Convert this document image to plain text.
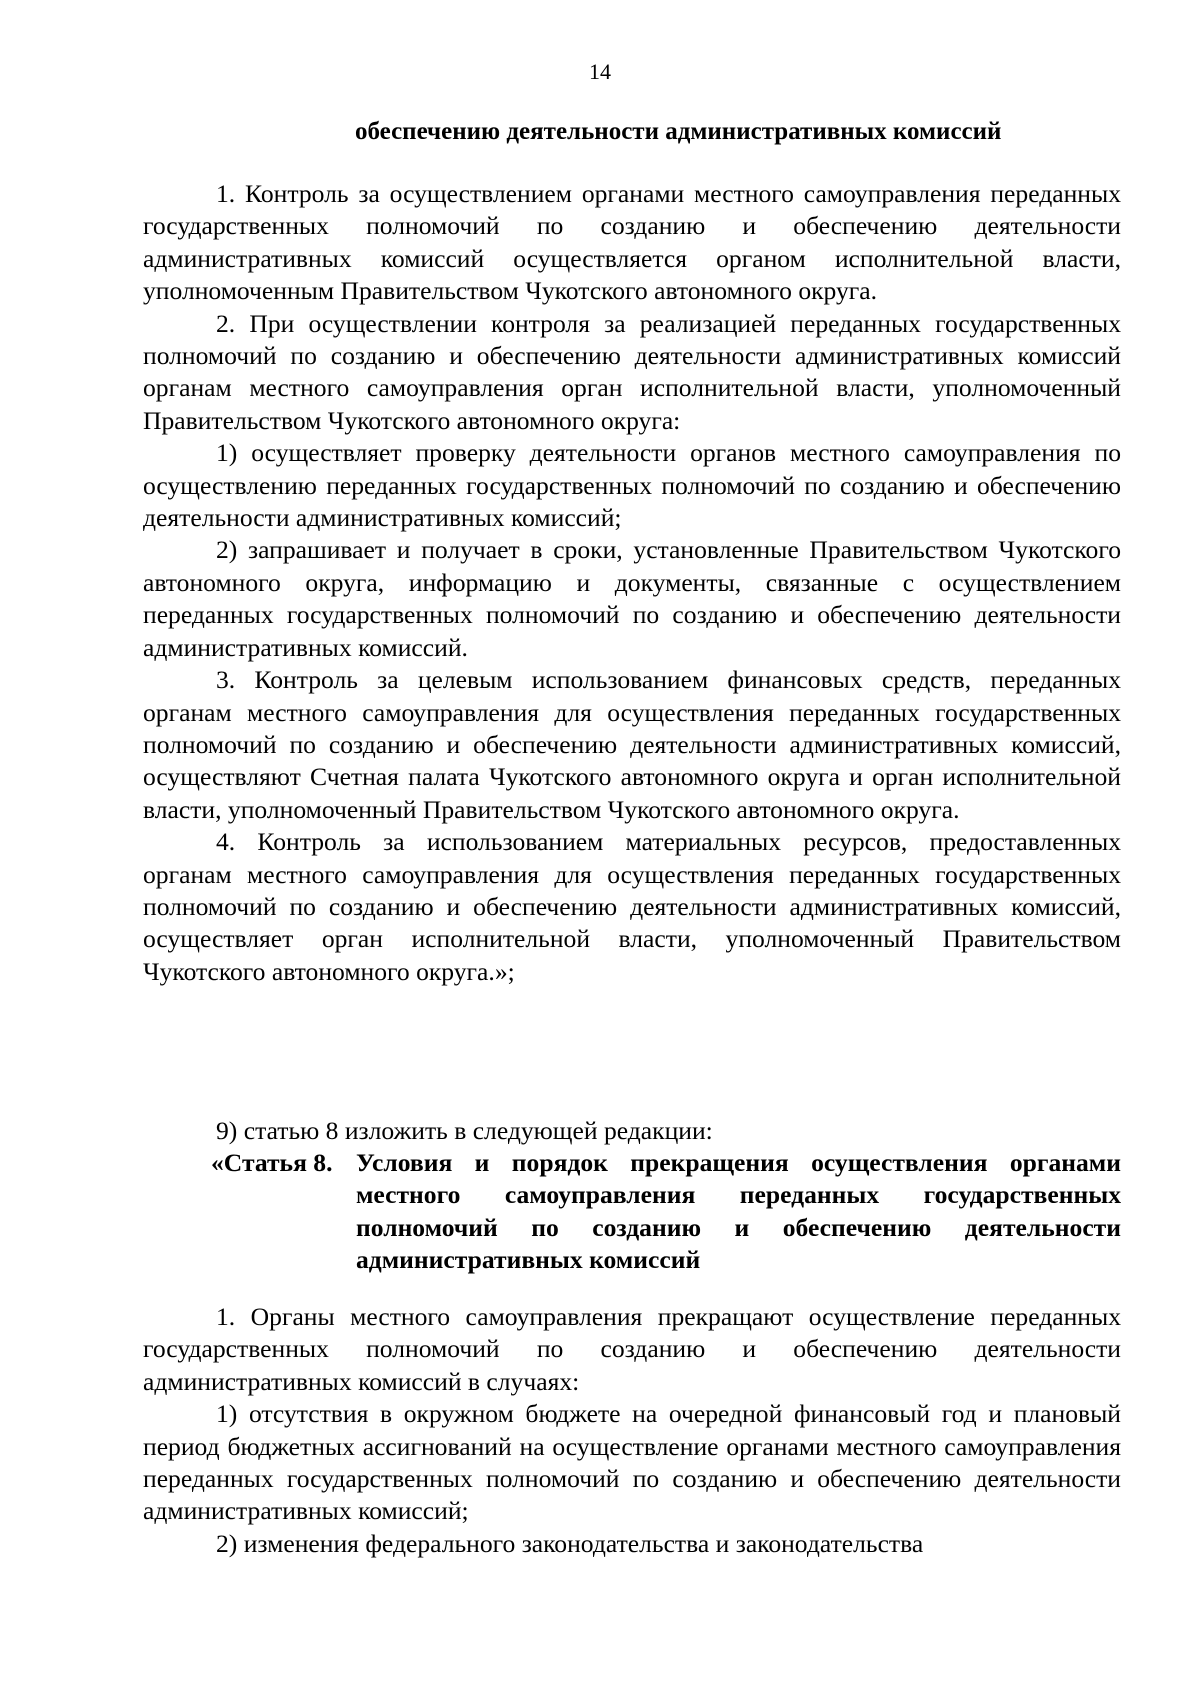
14
обеспечению деятельности административных комиссий

1. Контроль за осуществлением органами местного самоуправления переданных государственных полномочий по созданию и обеспечению деятельности административных комиссий осуществляется органом исполнительной власти, уполномоченным Правительством Чукотского автономного округа.

2. При осуществлении контроля за реализацией переданных государственных полномочий по созданию и обеспечению деятельности административных комиссий органам местного самоуправления орган исполнительной власти, уполномоченный Правительством Чукотского автономного округа:

1) осуществляет проверку деятельности органов местного самоуправления по осуществлению переданных государственных полномочий по созданию и обеспечению деятельности административных комиссий;

2) запрашивает и получает в сроки, установленные Правительством Чукотского автономного округа, информацию и документы, связанные с осуществлением переданных государственных полномочий по созданию и обеспечению деятельности административных комиссий.

3. Контроль за целевым использованием финансовых средств, переданных органам местного самоуправления для осуществления переданных государственных полномочий по созданию и обеспечению деятельности административных комиссий, осуществляют Счетная палата Чукотского автономного округа и орган исполнительной власти, уполномоченный Правительством Чукотского автономного округа.

4. Контроль за использованием материальных ресурсов, предоставленных органам местного самоуправления для осуществления переданных государственных полномочий по созданию и обеспечению деятельности административных комиссий, осуществляет орган исполнительной власти, уполномоченный Правительством Чукотского автономного округа.»;

9) статью 8 изложить в следующей редакции:

«Статья 8. Условия и порядок прекращения осуществления органами местного самоуправления переданных государственных полномочий по созданию и обеспечению деятельности административных комиссий

1. Органы местного самоуправления прекращают осуществление переданных государственных полномочий по созданию и обеспечению деятельности административных комиссий в случаях:

1) отсутствия в окружном бюджете на очередной финансовый год и плановый период бюджетных ассигнований на осуществление органами местного самоуправления переданных государственных полномочий по созданию и обеспечению деятельности административных комиссий;

2) изменения федерального законодательства и законодательства
